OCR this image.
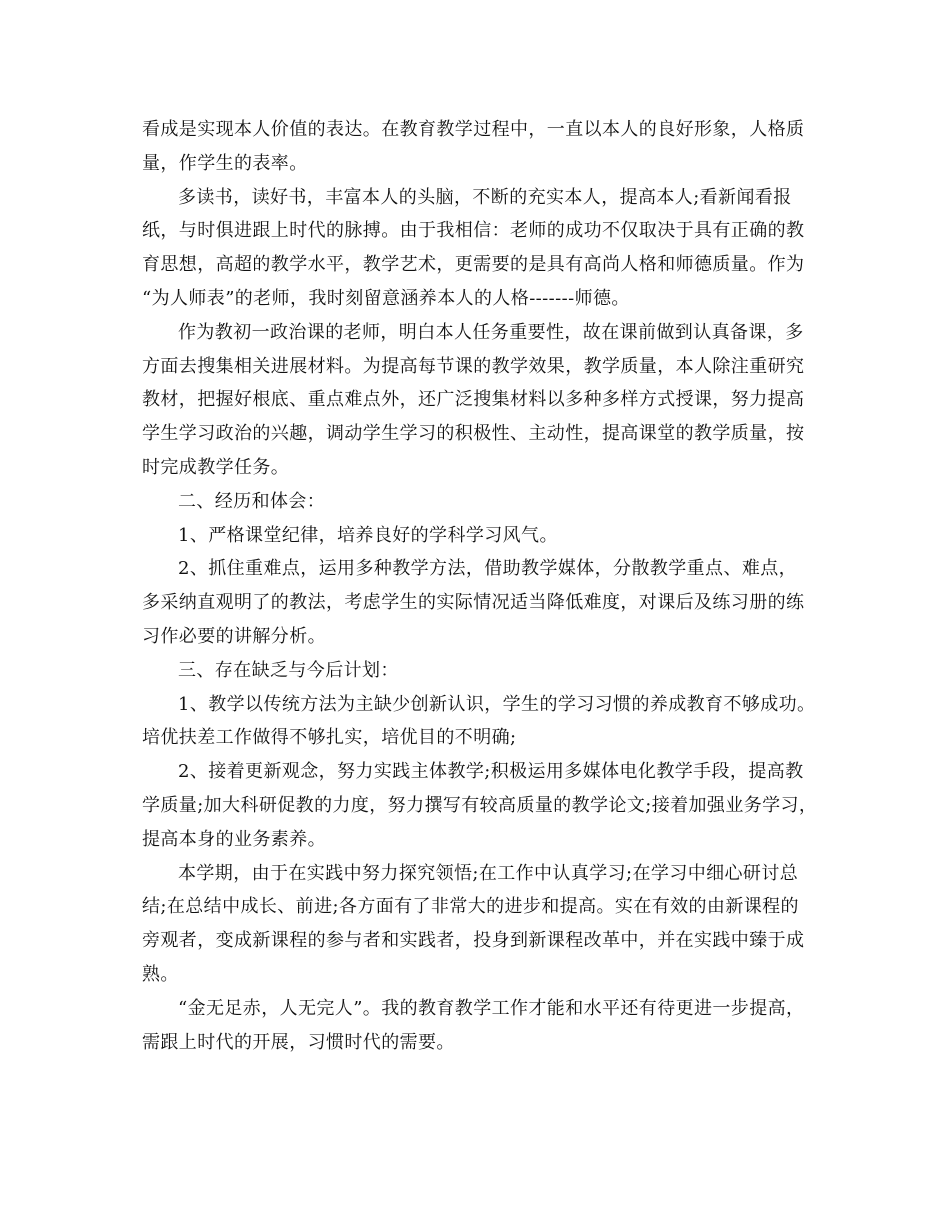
看成是实现本人价值的表达。在教育教学过程中，一直以本人的良好形象，人格质
量，作学生的表率。
多读书，读好书，丰富本人的头脑，不断的充实本人，提高本人;看新闻看报
纸，与时俱进跟上时代的脉搏。由于我相信：老师的成功不仅取决于具有正确的教
育思想，高超的教学水平，教学艺术，更需要的是具有高尚人格和师德质量。作为
“为人师表”的老师，我时刻留意涵养本人的人格-------师德。
作为教初一政治课的老师，明白本人任务重要性，故在课前做到认真备课，多
方面去搜集相关进展材料。为提高每节课的教学效果，教学质量，本人除注重研究
教材，把握好根底、重点难点外，还广泛搜集材料以多种多样方式授课，努力提高
学生学习政治的兴趣，调动学生学习的积极性、主动性，提高课堂的教学质量，按
时完成教学任务。
二、经历和体会：
1、严格课堂纪律，培养良好的学科学习风气。
2、抓住重难点，运用多种教学方法，借助教学媒体，分散教学重点、难点，
多采纳直观明了的教法，考虑学生的实际情况适当降低难度，对课后及练习册的练
习作必要的讲解分析。
三、存在缺乏与今后计划：
1、教学以传统方法为主缺少创新认识，学生的学习习惯的养成教育不够成功。
培优扶差工作做得不够扎实，培优目的不明确;
2、接着更新观念，努力实践主体教学;积极运用多媒体电化教学手段，提高教
学质量;加大科研促教的力度，努力撰写有较高质量的教学论文;接着加强业务学习，
提高本身的业务素养。
本学期，由于在实践中努力探究领悟;在工作中认真学习;在学习中细心研讨总
结;在总结中成长、前进;各方面有了非常大的进步和提高。实在有效的由新课程的
旁观者，变成新课程的参与者和实践者，投身到新课程改革中，并在实践中臻于成
熟。
“金无足赤，人无完人”。我的教育教学工作才能和水平还有待更进一步提高，
需跟上时代的开展，习惯时代的需要。
